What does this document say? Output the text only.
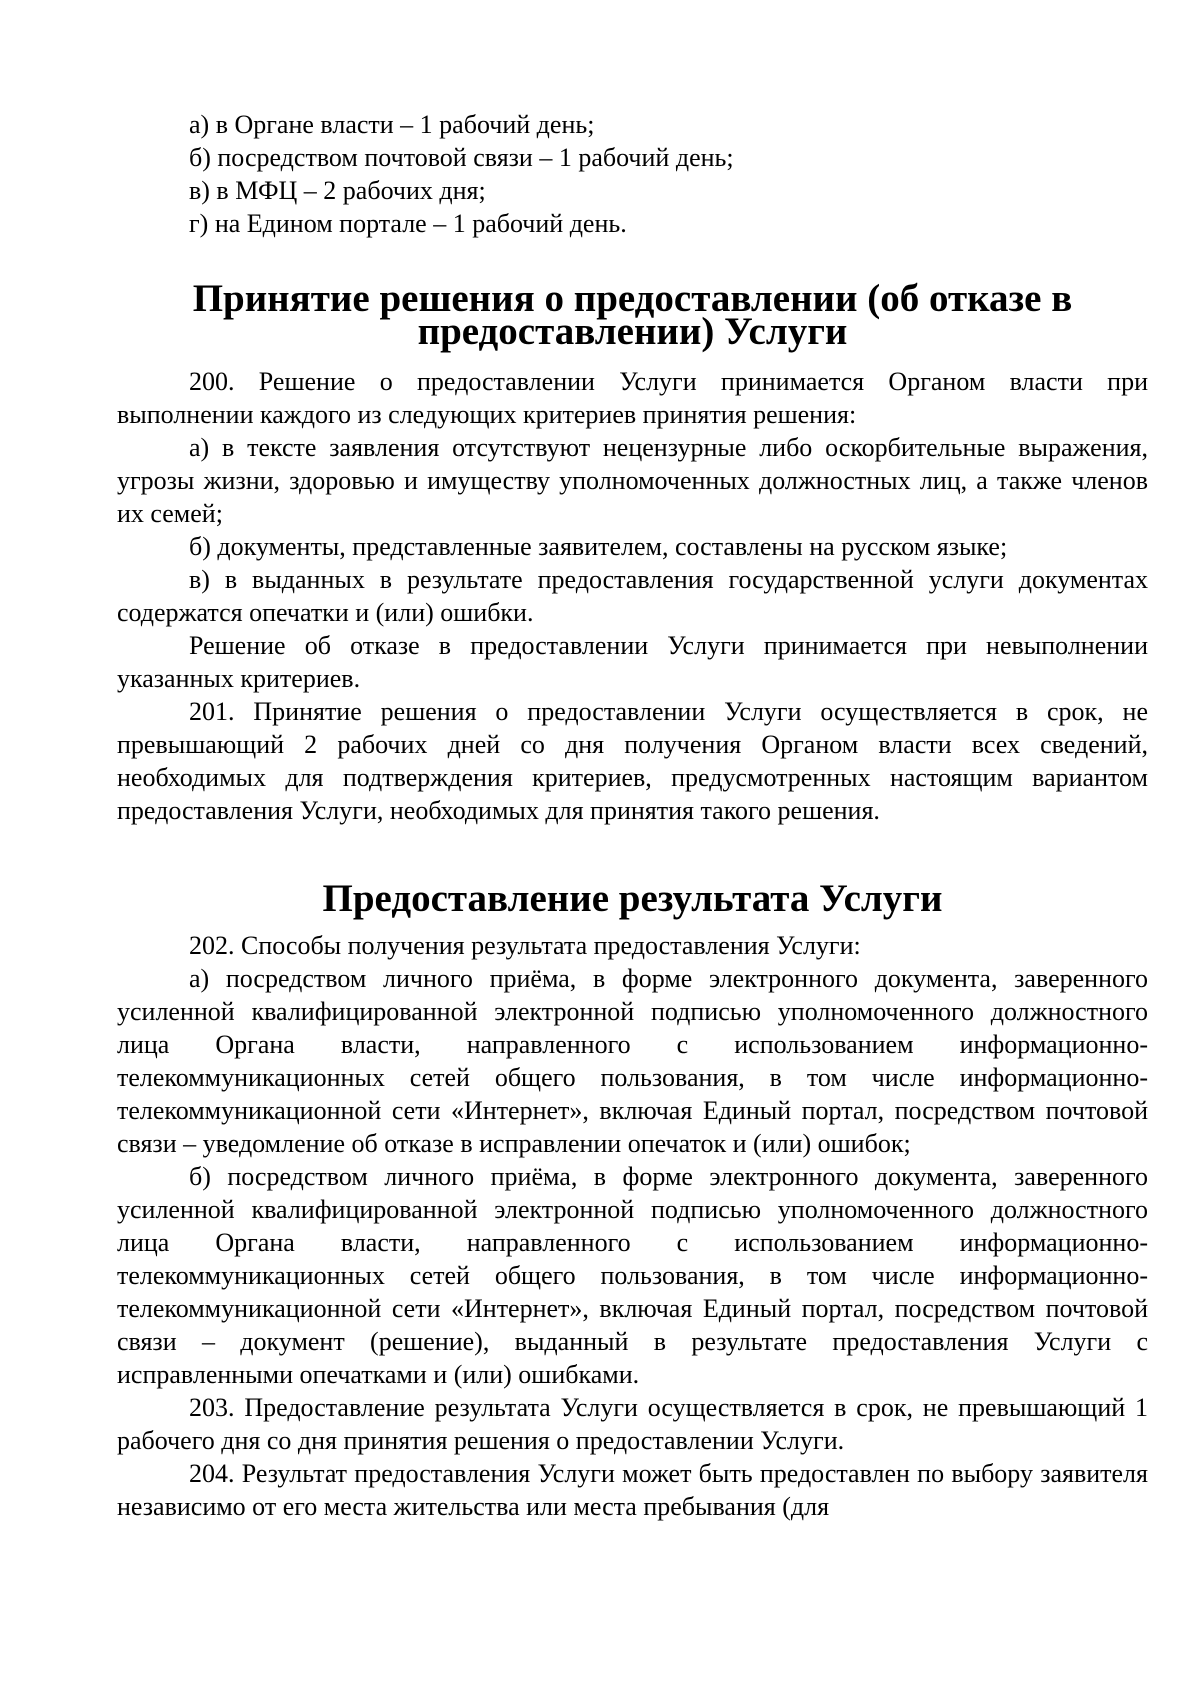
а) в Органе власти – 1 рабочий день;

б) посредством почтовой связи – 1 рабочий день;

в) в МФЦ – 2 рабочих дня;

г) на Едином портале – 1 рабочий день.

Принятие решения о предоставлении (об отказе в предоставлении) Услуги

200. Решение о предоставлении Услуги принимается Органом власти при выполнении каждого из следующих критериев принятия решения:

а) в тексте заявления отсутствуют нецензурные либо оскорбительные выражения, угрозы жизни, здоровью и имуществу уполномоченных должностных лиц, а также членов их семей;

б) документы, представленные заявителем, составлены на русском языке;

в) в выданных в результате предоставления государственной услуги документах содержатся опечатки и (или) ошибки.

Решение об отказе в предоставлении Услуги принимается при невыполнении указанных критериев.

201. Принятие решения о предоставлении Услуги осуществляется в срок, не превышающий 2 рабочих дней со дня получения Органом власти всех сведений, необходимых для подтверждения критериев, предусмотренных настоящим вариантом предоставления Услуги, необходимых для принятия такого решения.

Предоставление результата Услуги

202. Способы получения результата предоставления Услуги:

а) посредством личного приёма, в форме электронного документа, заверенного усиленной квалифицированной электронной подписью уполномоченного должностного лица Органа власти, направленного с использованием информационно-телекоммуникационных сетей общего пользования, в том числе информационно-телекоммуникационной сети «Интернет», включая Единый портал, посредством почтовой связи – уведомление об отказе в исправлении опечаток и (или) ошибок;

б) посредством личного приёма, в форме электронного документа, заверенного усиленной квалифицированной электронной подписью уполномоченного должностного лица Органа власти, направленного с использованием информационно-телекоммуникационных сетей общего пользования, в том числе информационно-телекоммуникационной сети «Интернет», включая Единый портал, посредством почтовой связи – документ (решение), выданный в результате предоставления Услуги с исправленными опечатками и (или) ошибками.

203. Предоставление результата Услуги осуществляется в срок, не превышающий 1 рабочего дня со дня принятия решения о предоставлении Услуги.

204. Результат предоставления Услуги может быть предоставлен по выбору заявителя независимо от его места жительства или места пребывания (для
